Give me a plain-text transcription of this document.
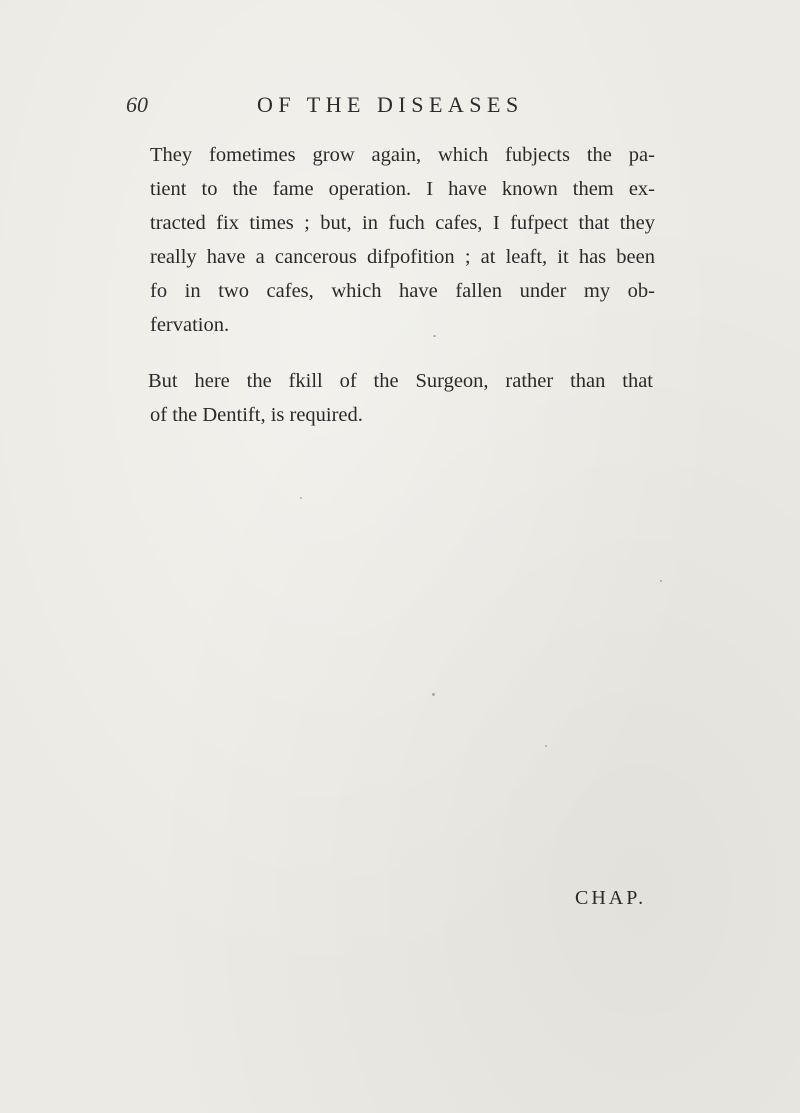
60	OF THE DISEASES
They fometimes grow again, which fubjects the pa-
tient to the fame operation. I have known them ex-
tracted fix times ; but, in fuch cafes, I fufpect that they
really have a cancerous difpofition ; at leaft, it has been
fo in two cafes, which have fallen under my ob-
fervation.
But here the fkill of the Surgeon, rather than that
of the Dentift, is required.
CHAP.
